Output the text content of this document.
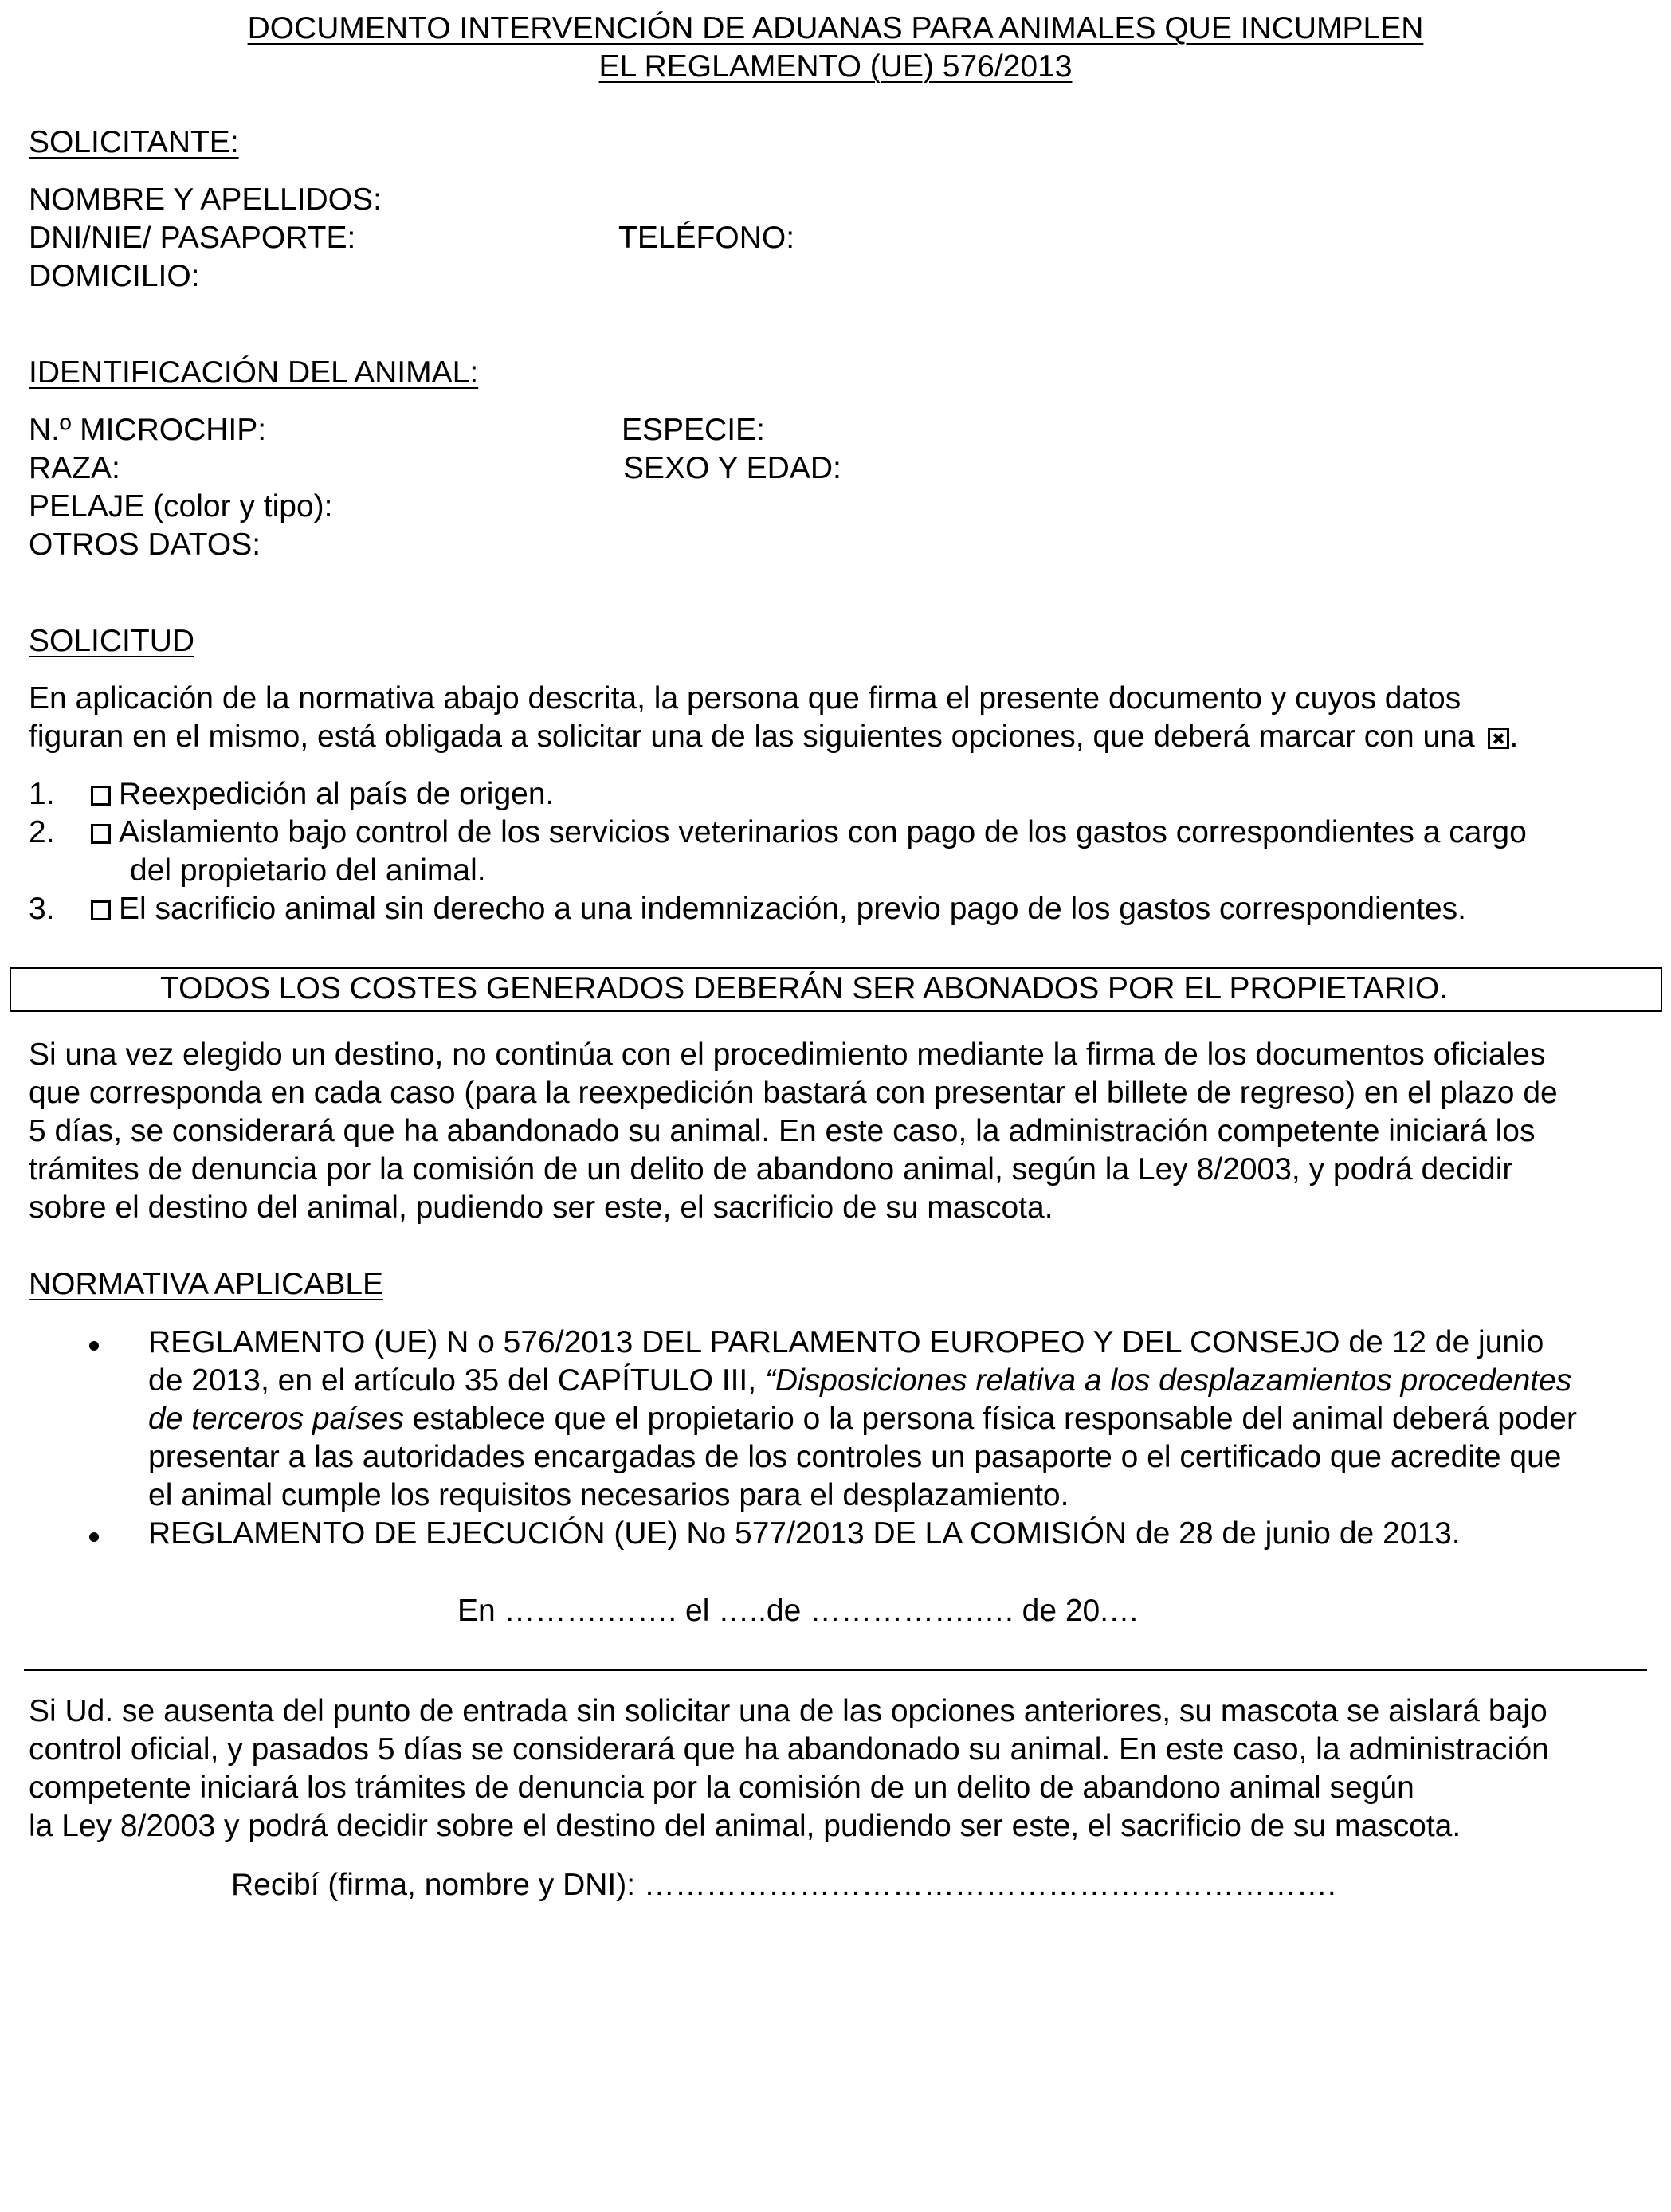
DOCUMENTO INTERVENCIÓN DE ADUANAS PARA ANIMALES QUE INCUMPLEN
EL REGLAMENTO (UE) 576/2013
SOLICITANTE:
NOMBRE Y APELLIDOS:
DNI/NIE/ PASAPORTE:	TELÉFONO:
DOMICILIO:
IDENTIFICACIÓN DEL ANIMAL:
N.º MICROCHIP:	ESPECIE:
RAZA:	SEXO Y EDAD:
PELAJE (color y tipo):
OTROS DATOS:
SOLICITUD
En aplicación de la normativa abajo descrita, la persona que firma el presente documento y cuyos datos
figuran en el mismo, está obligada a solicitar una de las siguientes opciones, que deberá marcar con una .
1.	Reexpedición al país de origen.
2.	Aislamiento bajo control de los servicios veterinarios con pago de los gastos correspondientes a cargo
del propietario del animal.
3.	El sacrificio animal sin derecho a una indemnización, previo pago de los gastos correspondientes.
TODOS LOS COSTES GENERADOS DEBERÁN SER ABONADOS POR EL PROPIETARIO.
Si una vez elegido un destino, no continúa con el procedimiento mediante la firma de los documentos oficiales
que corresponda en cada caso (para la reexpedición bastará con presentar el billete de regreso) en el plazo de
5 días, se considerará que ha abandonado su animal. En este caso, la administración competente iniciará los
trámites de denuncia por la comisión de un delito de abandono animal, según la Ley 8/2003, y podrá decidir
sobre el destino del animal, pudiendo ser este, el sacrificio de su mascota.
NORMATIVA APLICABLE
REGLAMENTO (UE) N o 576/2013 DEL PARLAMENTO EUROPEO Y DEL CONSEJO de 12 de junio
de 2013, en el artículo 35 del CAPÍTULO III, “Disposiciones relativa a los desplazamientos procedentes
de terceros países establece que el propietario o la persona física responsable del animal deberá poder
presentar a las autoridades encargadas de los controles un pasaporte o el certificado que acredite que
el animal cumple los requisitos necesarios para el desplazamiento.
REGLAMENTO DE EJECUCIÓN (UE) No 577/2013 DE LA COMISIÓN de 28 de junio de 2013.
En ……….……. el …..de …………….…. de 20.…
Si Ud. se ausenta del punto de entrada sin solicitar una de las opciones anteriores, su mascota se aislará bajo
control oficial, y pasados 5 días se considerará que ha abandonado su animal. En este caso, la administración
competente iniciará los trámites de denuncia por la comisión de un delito de abandono animal según
la Ley 8/2003 y podrá decidir sobre el destino del animal, pudiendo ser este, el sacrificio de su mascota.
Recibí (firma, nombre y DNI): ………………………………………………………….
